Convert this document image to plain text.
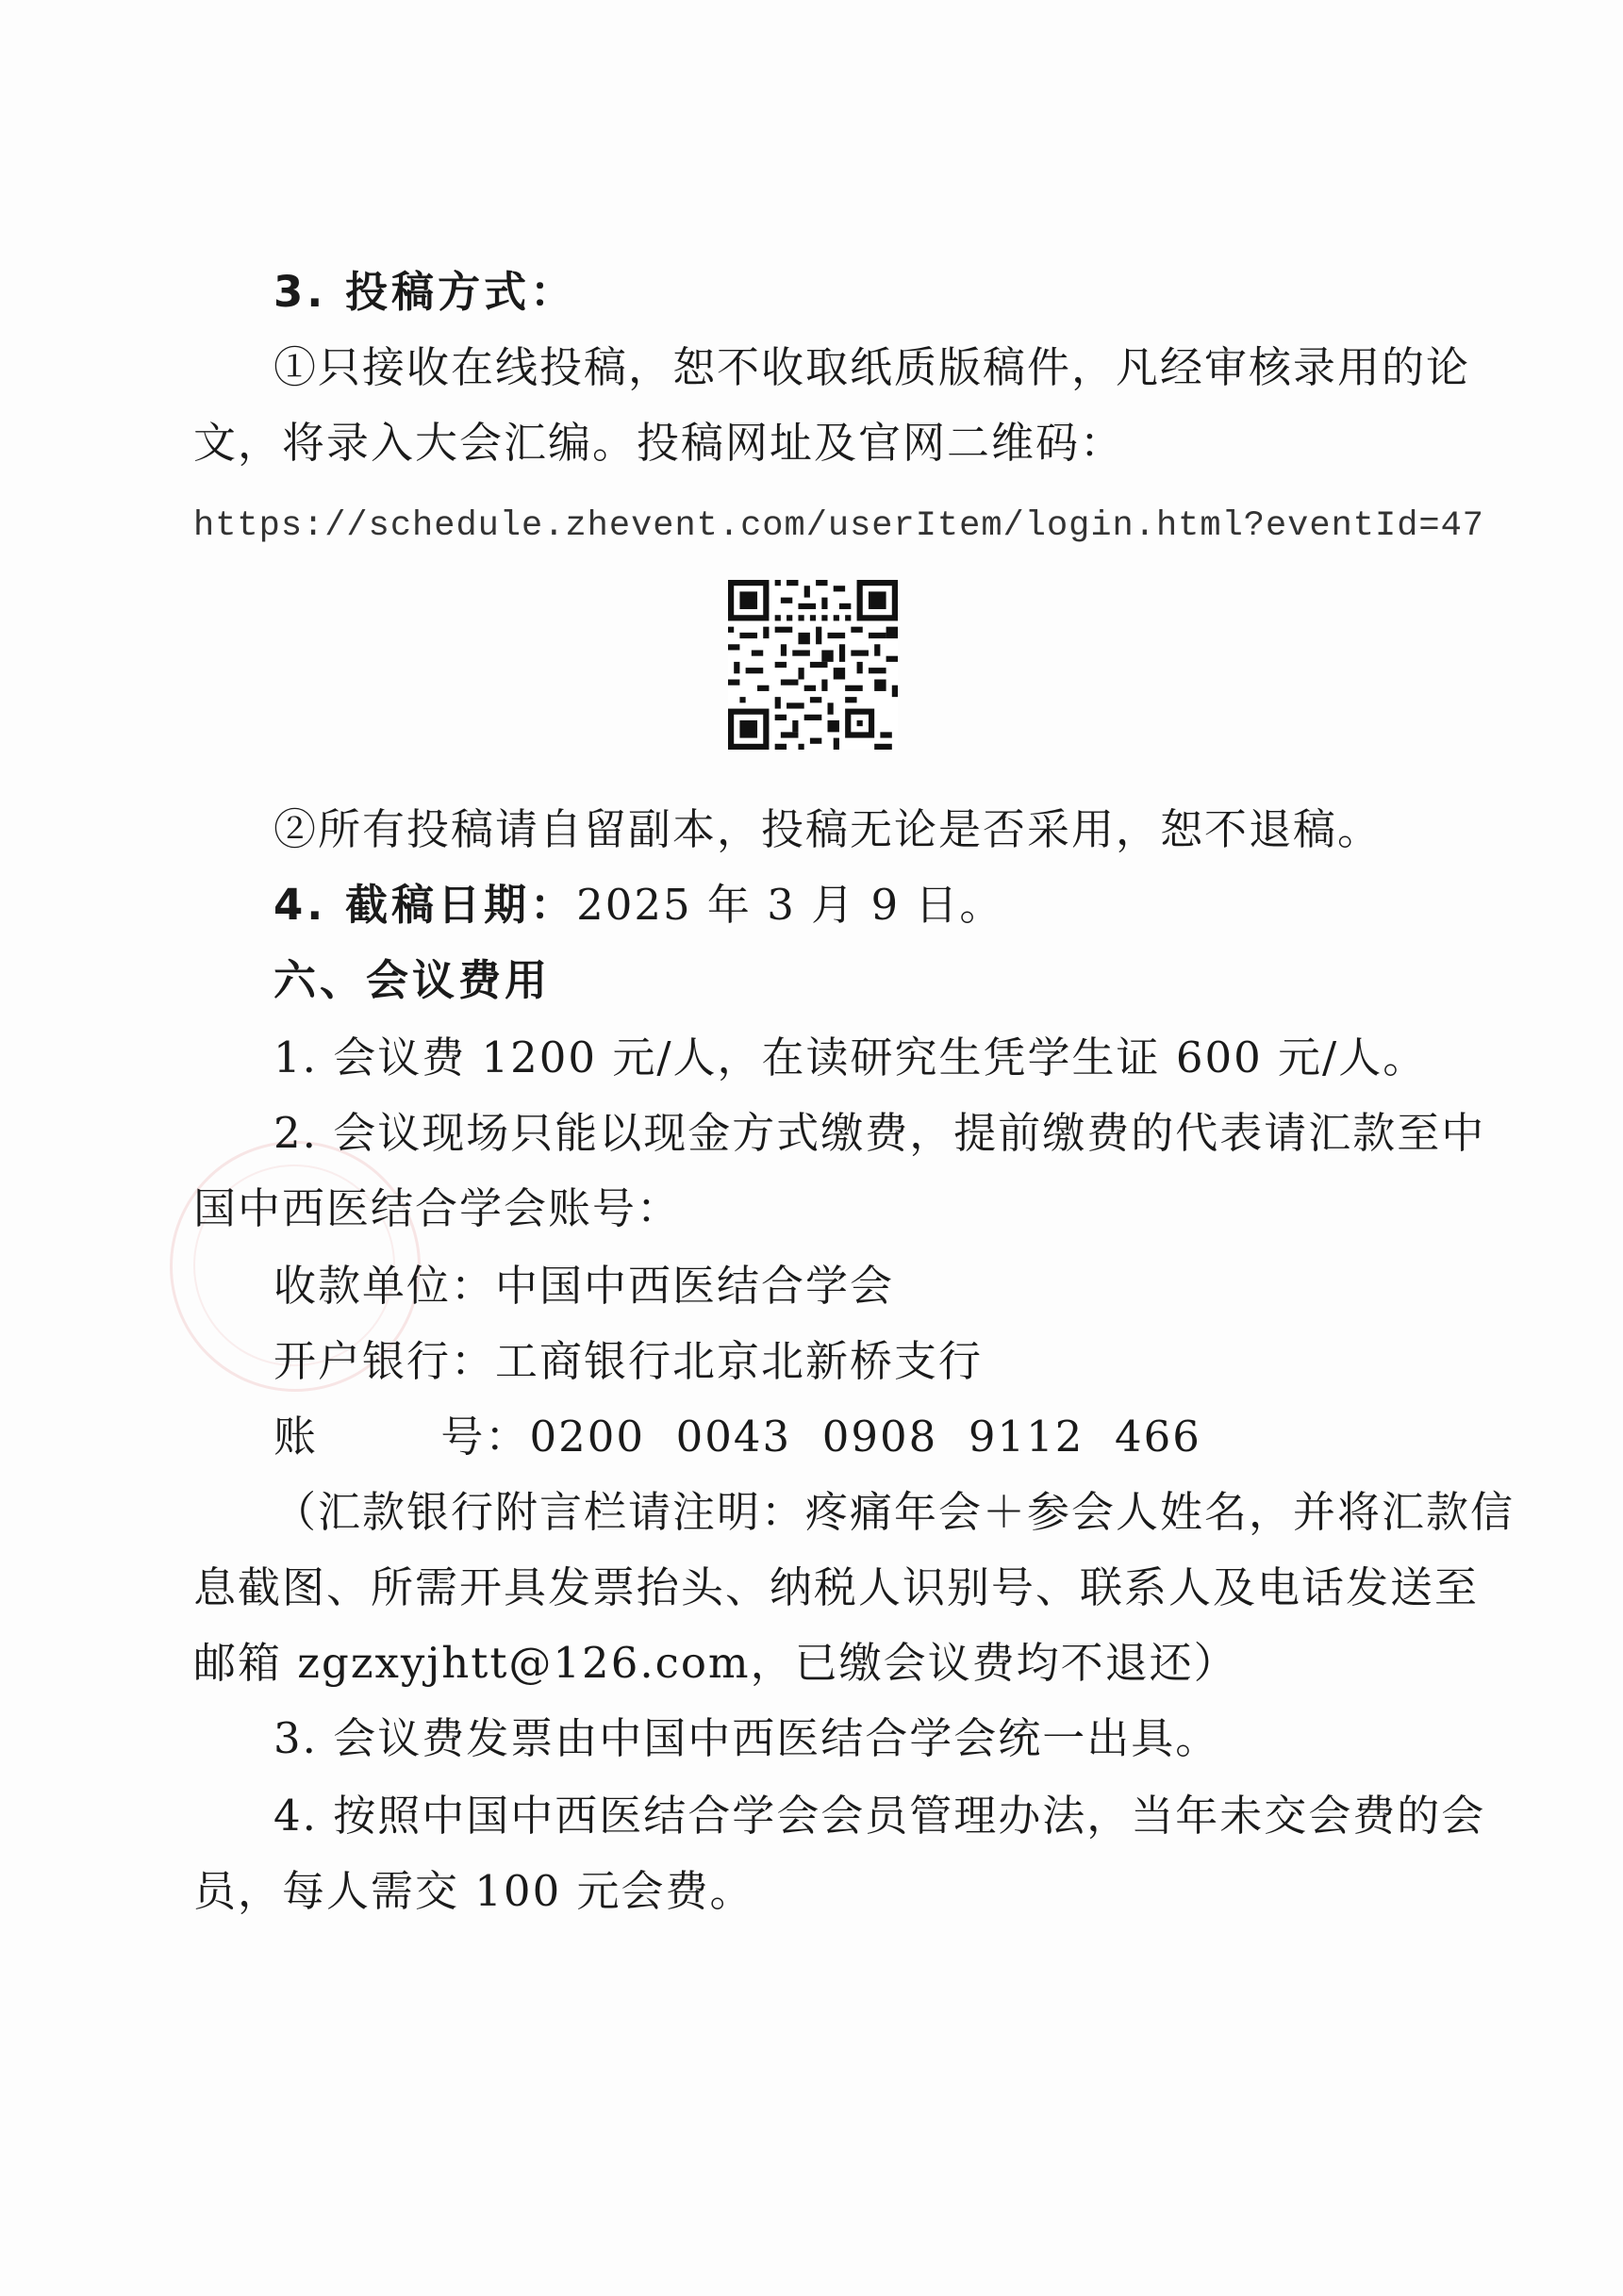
3. 投稿方式：
①只接收在线投稿，恕不收取纸质版稿件，凡经审核录用的论
文，将录入大会汇编。投稿网址及官网二维码：
https://schedule.zhevent.com/userItem/login.html?eventId=47
②所有投稿请自留副本，投稿无论是否采用，恕不退稿。
4. 截稿日期：2025 年 3 月 9 日。
六、会议费用
1. 会议费 1200 元/人，在读研究生凭学生证 600 元/人。
2. 会议现场只能以现金方式缴费，提前缴费的代表请汇款至中
国中西医结合学会账号：
收款单位：中国中西医结合学会
开户银行：工商银行北京北新桥支行
账        号：0200  0043  0908  9112  466
（汇款银行附言栏请注明：疼痛年会＋参会人姓名，并将汇款信
息截图、所需开具发票抬头、纳税人识别号、联系人及电话发送至
邮箱 zgzxyjhtt@126.com，已缴会议费均不退还）
3. 会议费发票由中国中西医结合学会统一出具。
4. 按照中国中西医结合学会会员管理办法，当年未交会费的会
员，每人需交 100 元会费。
